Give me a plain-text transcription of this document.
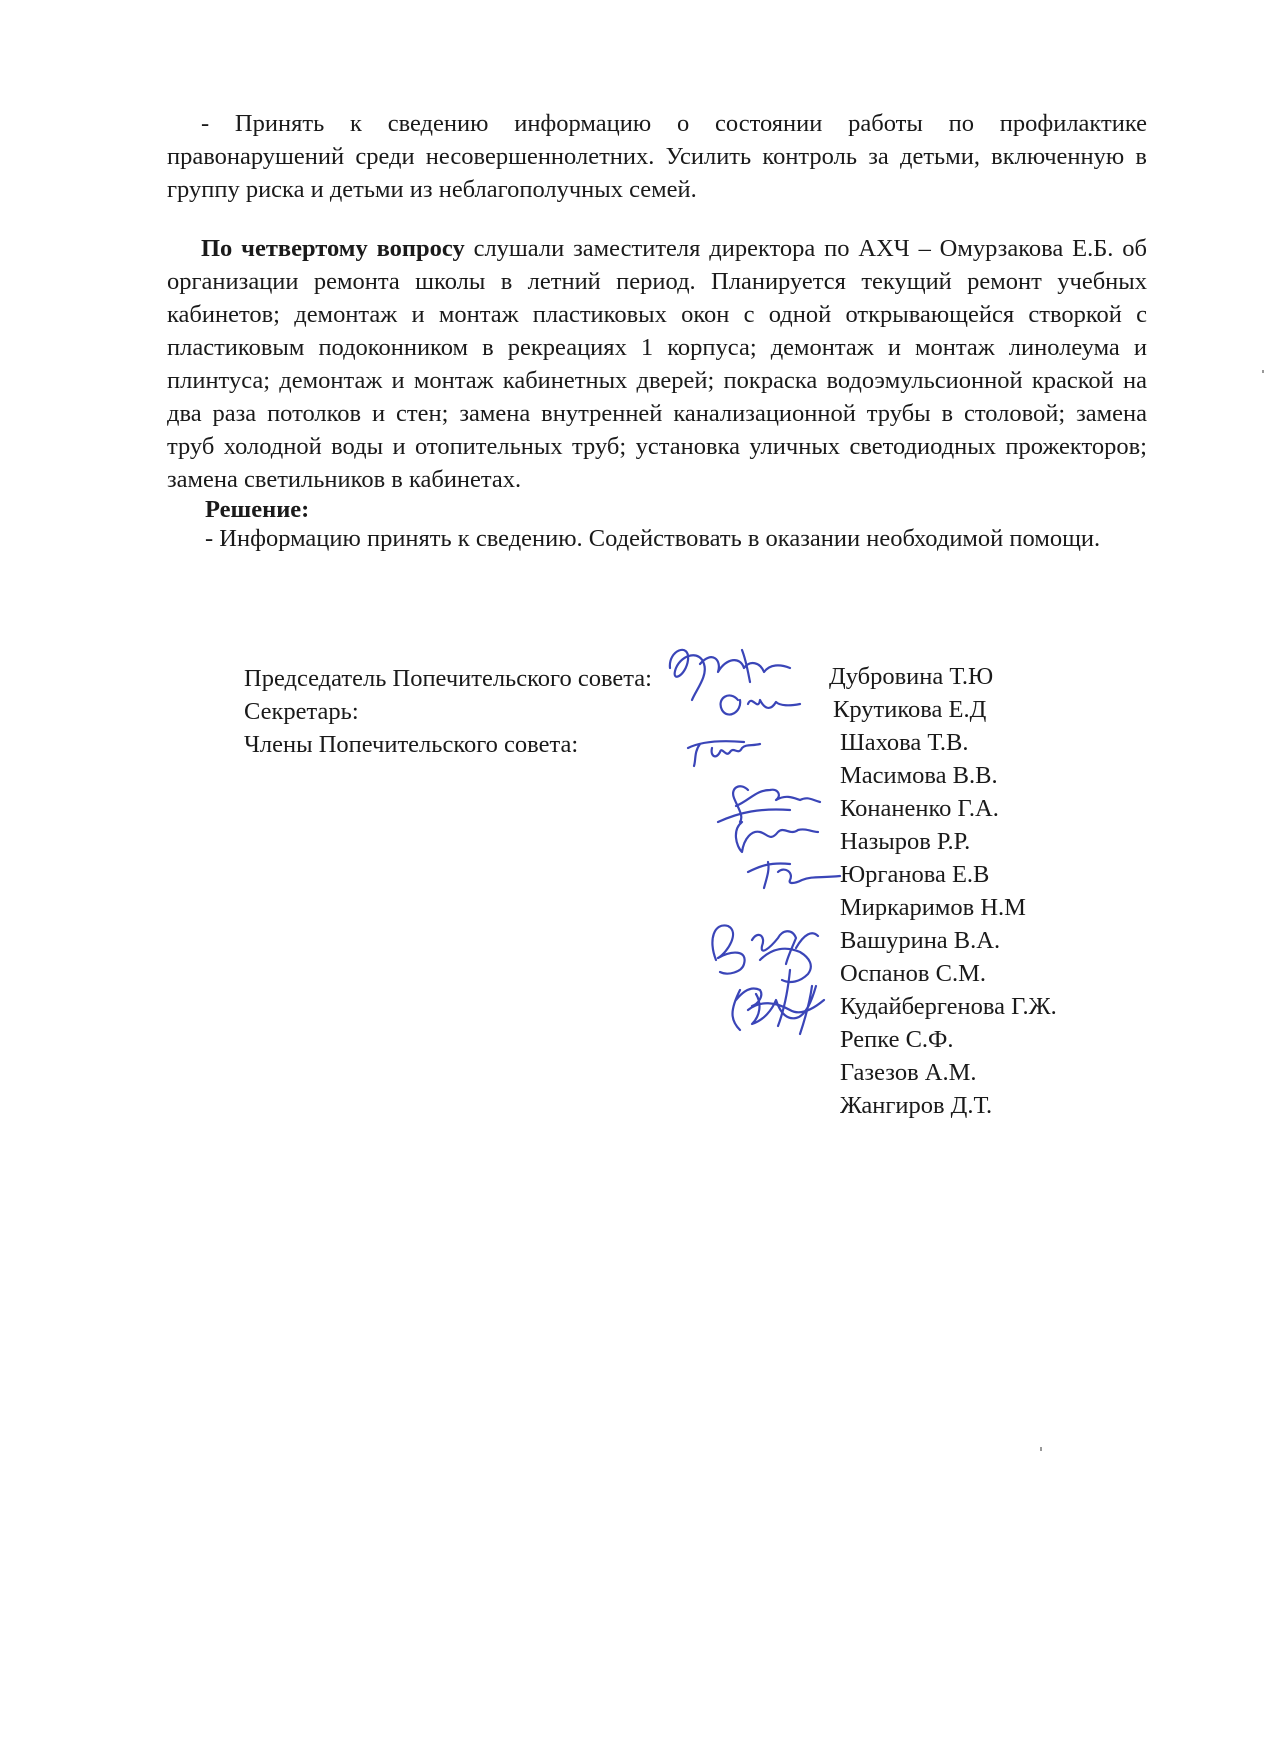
- Принять к сведению информацию о состоянии работы по профилактике правонарушений среди несовершеннолетних. Усилить контроль за детьми, включенную в группу риска и детьми из неблагополучных семей.

По четвертому вопросу слушали заместителя директора по АХЧ – Омурзакова Е.Б. об организации ремонта школы в летний период. Планируется текущий ремонт учебных кабинетов; демонтаж и монтаж пластиковых окон с одной открывающейся створкой с пластиковым подоконником в рекреациях 1 корпуса; демонтаж и монтаж линолеума и плинтуса; демонтаж и монтаж кабинетных дверей; покраска водоэмульсионной краской на два раза потолков и стен; замена внутренней канализационной трубы в столовой; замена труб холодной воды и отопительных труб; установка уличных светодиодных прожекторов; замена светильников в кабинетах.

Решение:

- Информацию принять к сведению. Содействовать в оказании необходимой помощи.

Председатель Попечительского совета:

Секретарь:

Члены Попечительского совета:

Дубровина Т.Ю
Крутикова Е.Д
Шахова Т.В.
Масимова В.В.
Конаненко Г.А.
Назыров Р.Р.
Юрганова Е.В
Миркаримов Н.М
Вашурина В.А.
Оспанов С.М.
Кудайбергенова Г.Ж.
Репке С.Ф.
Газезов А.М.
Жангиров Д.Т.
